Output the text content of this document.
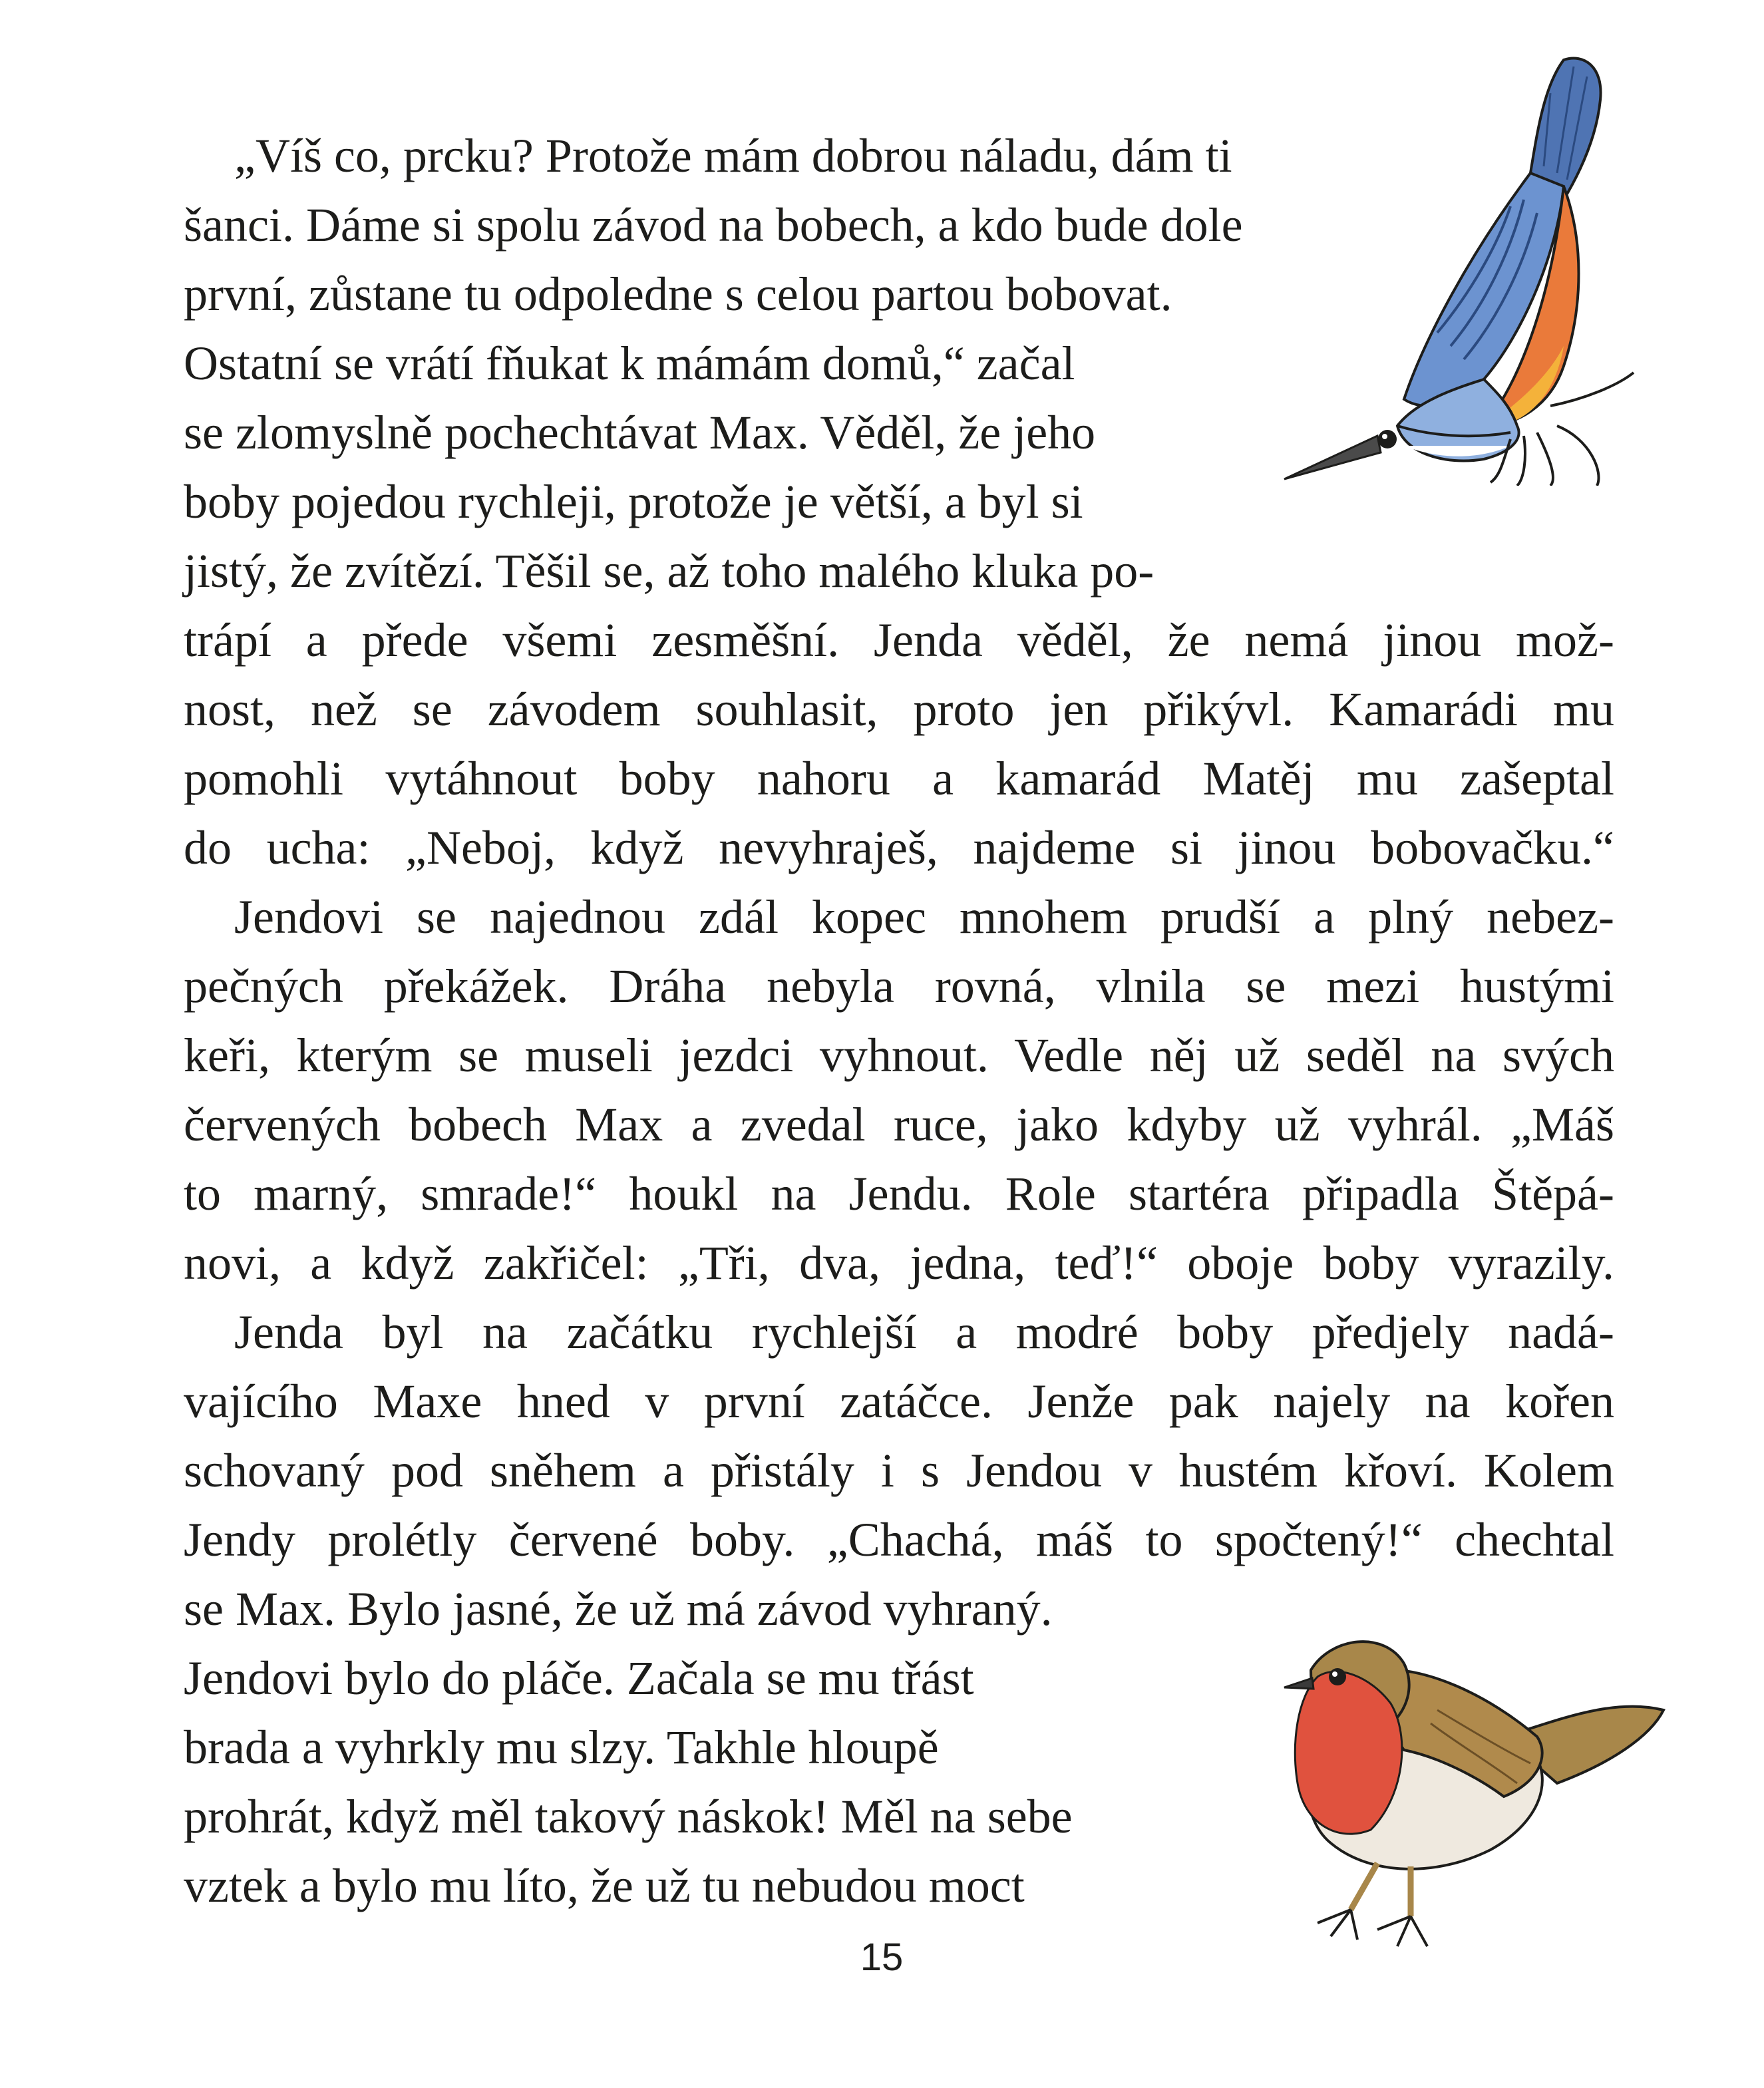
„Víš co, prcku? Protože mám dobrou náladu, dám ti
šanci. Dáme si spolu závod na bobech, a kdo bude dole
první, zůstane tu odpoledne s celou partou bobovat.
Ostatní se vrátí fňukat k mámám domů,“ začal
se zlomyslně pochechtávat Max. Věděl, že jeho
boby pojedou rychleji, protože je větší, a byl si
jistý, že zvítězí. Těšil se, až toho malého kluka po-
trápí a přede všemi zesměšní. Jenda věděl, že nemá jinou mož-
nost, než se závodem souhlasit, proto jen přikývl. Kamarádi mu
pomohli vytáhnout boby nahoru a kamarád Matěj mu zašeptal
do ucha: „Neboj, když nevyhraješ, najdeme si jinou bobovačku.“
Jendovi se najednou zdál kopec mnohem prudší a plný nebez-
pečných překážek. Dráha nebyla rovná, vlnila se mezi hustými
keři, kterým se museli jezdci vyhnout. Vedle něj už seděl na svých
červených bobech Max a zvedal ruce, jako kdyby už vyhrál. „Máš
to marný, smrade!“ houkl na Jendu. Role startéra připadla Štěpá-
novi, a když zakřičel: „Tři, dva, jedna, teď!“ oboje boby vyrazily.
Jenda byl na začátku rychlejší a modré boby předjely nadá-
vajícího Maxe hned v první zatáčce. Jenže pak najely na kořen
schovaný pod sněhem a přistály i s Jendou v hustém křoví. Kolem
Jendy prolétly červené boby. „Chachá, máš to spočtený!“ chechtal
se Max. Bylo jasné, že už má závod vyhraný.
Jendovi bylo do pláče. Začala se mu třást
brada a vyhrkly mu slzy. Takhle hloupě
prohrát, když měl takový náskok! Měl na sebe
vztek a bylo mu líto, že už tu nebudou moct
15
